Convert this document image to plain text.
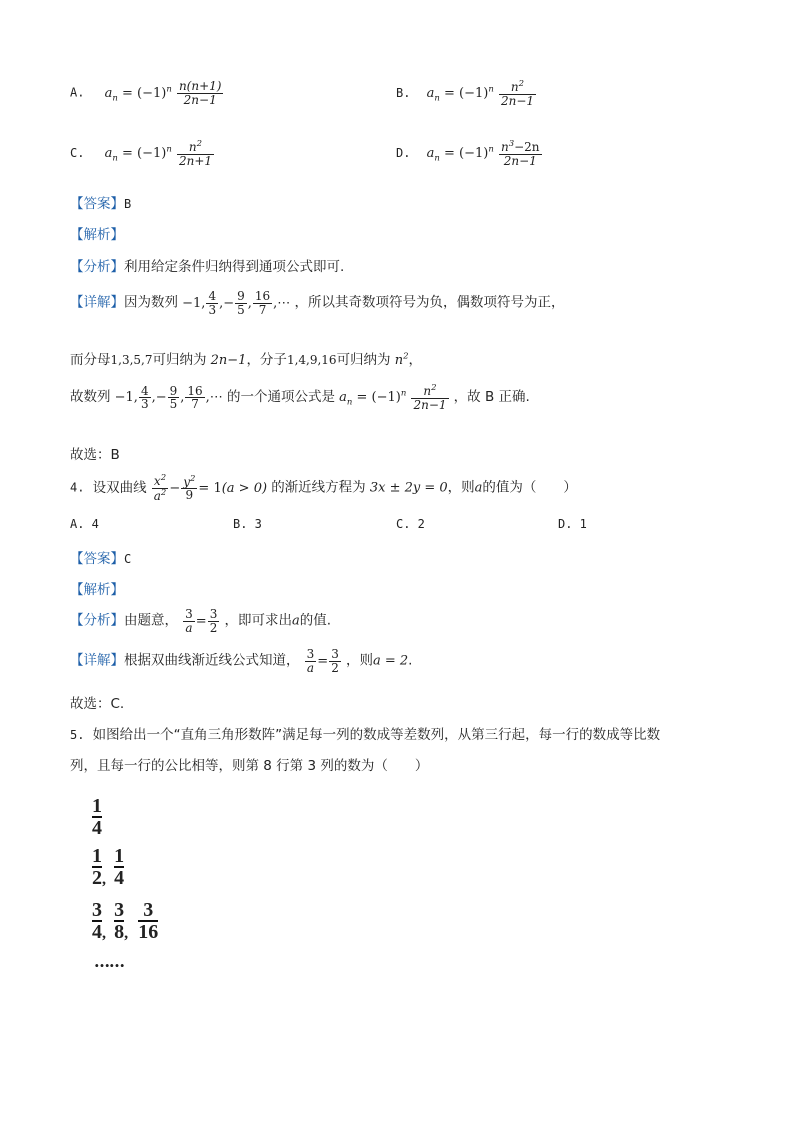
A. $a_n = (-1)^n \frac{n(n+1)}{2n-1}$	B. $a_n = (-1)^n \frac{n^2}{2n-1}$
C. $a_n = (-1)^n \frac{n^2}{2n+1}$	D. $a_n = (-1)^n \frac{n^3-2n}{2n-1}$
【答案】B
【解析】
【分析】利用给定条件归纳得到通项公式即可.
【详解】因为数列 −1, $\frac{4}{3}$ ,− $\frac{9}{5}$ , $\frac{16}{7}$ ,⋯ ，所以其奇数项符号为负，偶数项符号为正，
而分母1,3,5,7可归纳为 2n−1，分子1,4,9,16可归纳为 $n^2$，
故数列 −1, $\frac{4}{3}$ ,− $\frac{9}{5}$ , $\frac{16}{7}$ ,⋯ 的一个通项公式是 $a_n = (-1)^n \frac{n^2}{2n-1}$ ，故 B 正确.
故选：B
4. 设双曲线 $\frac{x^2}{a^2} - \frac{y^2}{9} = 1(a > 0)$ 的渐近线方程为 3x ± 2y = 0，则a的值为（　　）
A. 4	B. 3	C. 2	D. 1
【答案】C
【解析】
【分析】由题意， $\frac{3}{a} = \frac{3}{2}$ ，即可求出a的值.
【详解】根据双曲线渐近线公式知道， $\frac{3}{a} = \frac{3}{2}$ ，则a = 2.
故选：C.
5. 如图给出一个“直角三角形数阵”满足每一列的数成等差数列，从第三行起，每一行的数成等比数
列，且每一行的公比相等，则第 8 行第 3 列的数为（　　）
$\frac{1}{4}$
$\frac{1}{2}$ , $\frac{1}{4}$
$\frac{3}{4}$ , $\frac{3}{8}$ , $\frac{3}{16}$
……
